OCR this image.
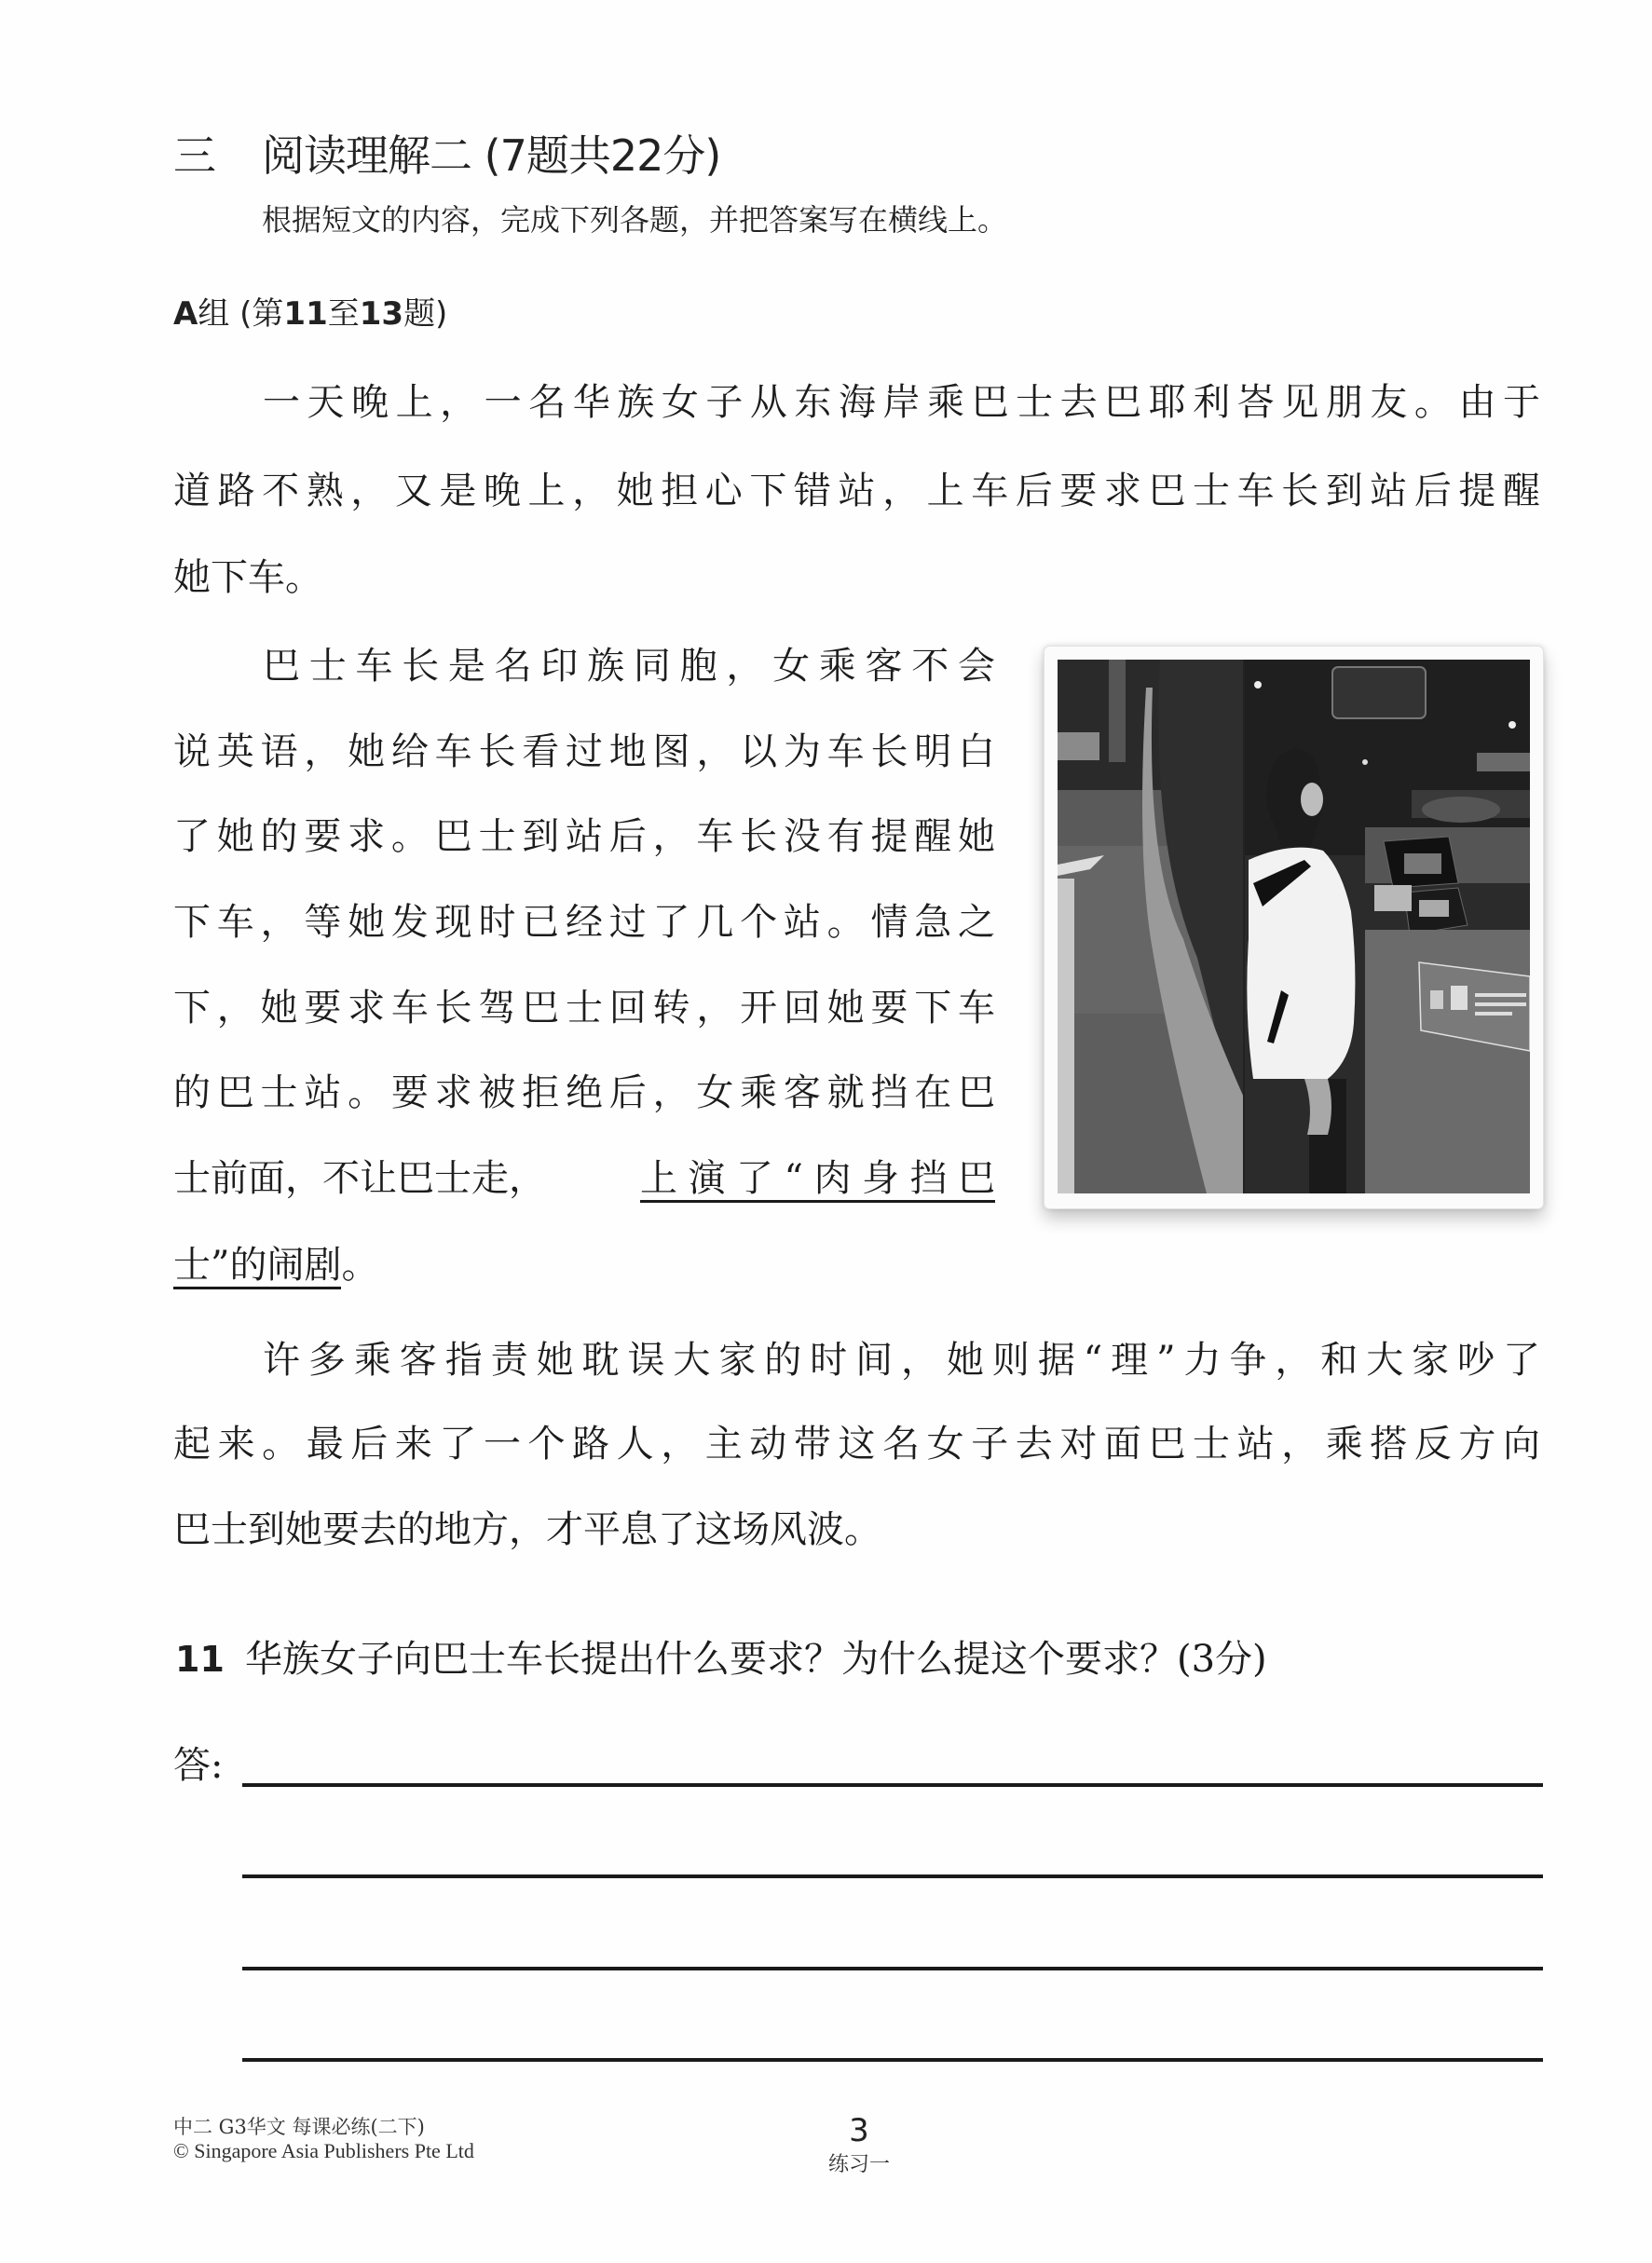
三 阅读理解二 (7题共22分)
根据短文的内容，完成下列各题，并把答案写在横线上。
A组 (第11至13题)
一天晚上，一名华族女子从东海岸乘巴士去巴耶利峇见朋友。由于
道路不熟，又是晚上，她担心下错站，上车后要求巴士车长到站后提醒
她下车。
巴士车长是名印族同胞，女乘客不会
说英语，她给车长看过地图，以为车长明白
了她的要求。巴士到站后，车长没有提醒她
下车，等她发现时已经过了几个站。情急之
下，她要求车长驾巴士回转，开回她要下车
的巴士站。要求被拒绝后，女乘客就挡在巴
士前面，不让巴士走，	上演了“肉身挡巴
士”的闹剧。
许多乘客指责她耽误大家的时间，她则据“理”力争，和大家吵了
起来。最后来了一个路人，主动带这名女子去对面巴士站，乘搭反方向
巴士到她要去的地方，才平息了这场风波。
11 华族女子向巴士车长提出什么要求？为什么提这个要求？(3分)
答:
中二 G3华文 每课必练(二下)
© Singapore Asia Publishers Pte Ltd
3
练习一
